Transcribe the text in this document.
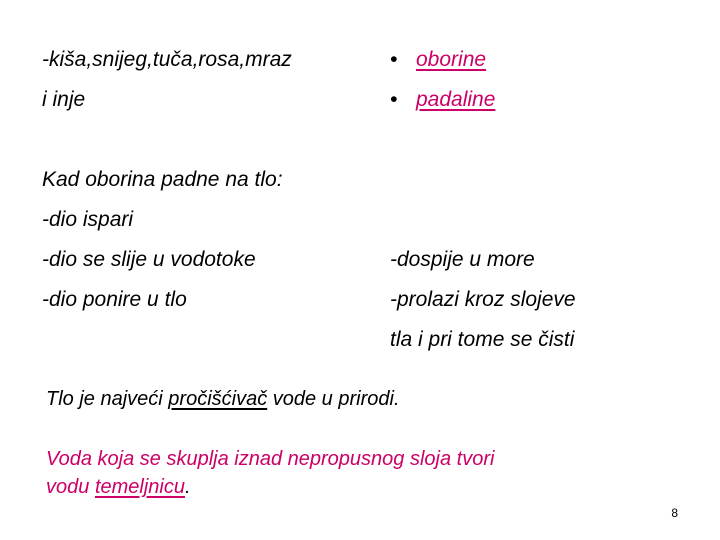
-kiša,snijeg,tuča,rosa,mraz
i inje
• oborine
• padaline
Kad oborina padne na tlo:
-dio ispari
-dio se slije u vodotoke
-dio ponire u tlo
-dospije u more
-prolazi kroz slojeve
tla i pri tome se čisti
Tlo je najveći pročišćivač vode u prirodi.
Voda koja se skuplja iznad nepropusnog sloja tvori
vodu temeljnicu.
8
